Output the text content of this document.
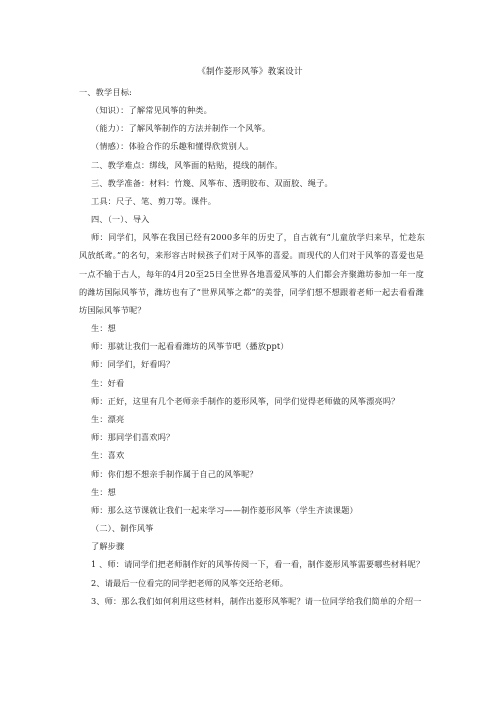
《制作菱形风筝》教案设计
一、教学目标:
（知识）：了解常见风筝的种类。
（能力）：了解风筝制作的方法并制作一个风筝。
（情感）：体验合作的乐趣和懂得欣赏别人。
二、教学难点：绑线，风筝面的粘贴，提线的制作。
三、教学准备：材料：竹篾、风筝布、透明胶布、双面胶、绳子。
工具：尺子、笔、剪刀等。课件。
四、（一）、导入
师：同学们，风筝在我国已经有2000多年的历史了，自古就有“儿童放学归来早，忙趁东
风放纸鸢。”的名句，来形容古时候孩子们对于风筝的喜爱。而现代的人们对于风筝的喜爱也是
一点不输于古人，每年的4月20至25日全世界各地喜爱风筝的人们都会齐聚潍坊参加一年一度
的潍坊国际风筝节，潍坊也有了“世界风筝之都”的美誉，同学们想不想跟着老师一起去看看潍
坊国际风筝节呢？
生：想
师：那就让我们一起看看潍坊的风筝节吧（播放ppt）
师：同学们，好看吗？
生：好看
师：正好，这里有几个老师亲手制作的菱形风筝，同学们觉得老师做的风筝漂亮吗？
生：漂亮
师：那同学们喜欢吗？
生：喜欢
师：你们想不想亲手制作属于自己的风筝呢？
生：想
师：那么这节课就让我们一起来学习——制作菱形风筝（学生齐读课题）
（二）、制作风筝
了解步骤
1 、师：请同学们把老师制作好的风筝传阅一下，看一看，制作菱形风筝需要哪些材料呢？
2、请最后一位看完的同学把老师的风筝交还给老师。
3、师：那么我们如何利用这些材料，制作出菱形风筝呢？请一位同学给我们简单的介绍一
